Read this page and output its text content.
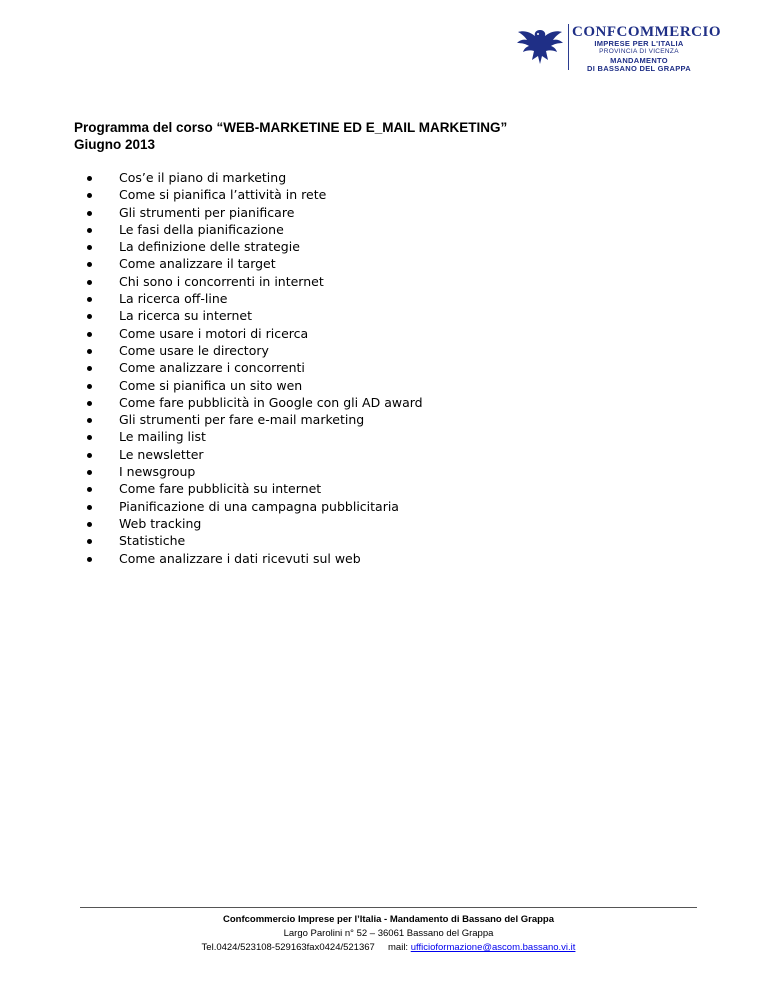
CONFCOMMERCIO
IMPRESE PER L'ITALIA
PROVINCIA DI VICENZA
MANDAMENTO
DI BASSANO DEL GRAPPA
Programma del corso “WEB-MARKETINE ED E_MAIL MARKETING”
Giugno 2013
Cos’e il piano di marketing
Come si pianifica l’attività in rete
Gli strumenti per pianificare
Le fasi della pianificazione
La definizione delle strategie
Come analizzare il target
Chi sono i concorrenti in internet
La ricerca off-line
La ricerca su internet
Come usare i motori di ricerca
Come usare le directory
Come analizzare i concorrenti
Come si pianifica un sito wen
Come fare pubblicità in Google con gli AD award
Gli strumenti per fare e-mail marketing
Le mailing list
Le newsletter
I newsgroup
Come fare pubblicità su internet
Pianificazione di una campagna pubblicitaria
Web tracking
Statistiche
Come analizzare i dati ricevuti sul web
Confcommercio Imprese per l’Italia - Mandamento di Bassano del Grappa
Largo Parolini n° 52 – 36061 Bassano del Grappa
Tel.0424/523108-529163fax0424/521367     mail: ufficioformazione@ascom.bassano.vi.it
